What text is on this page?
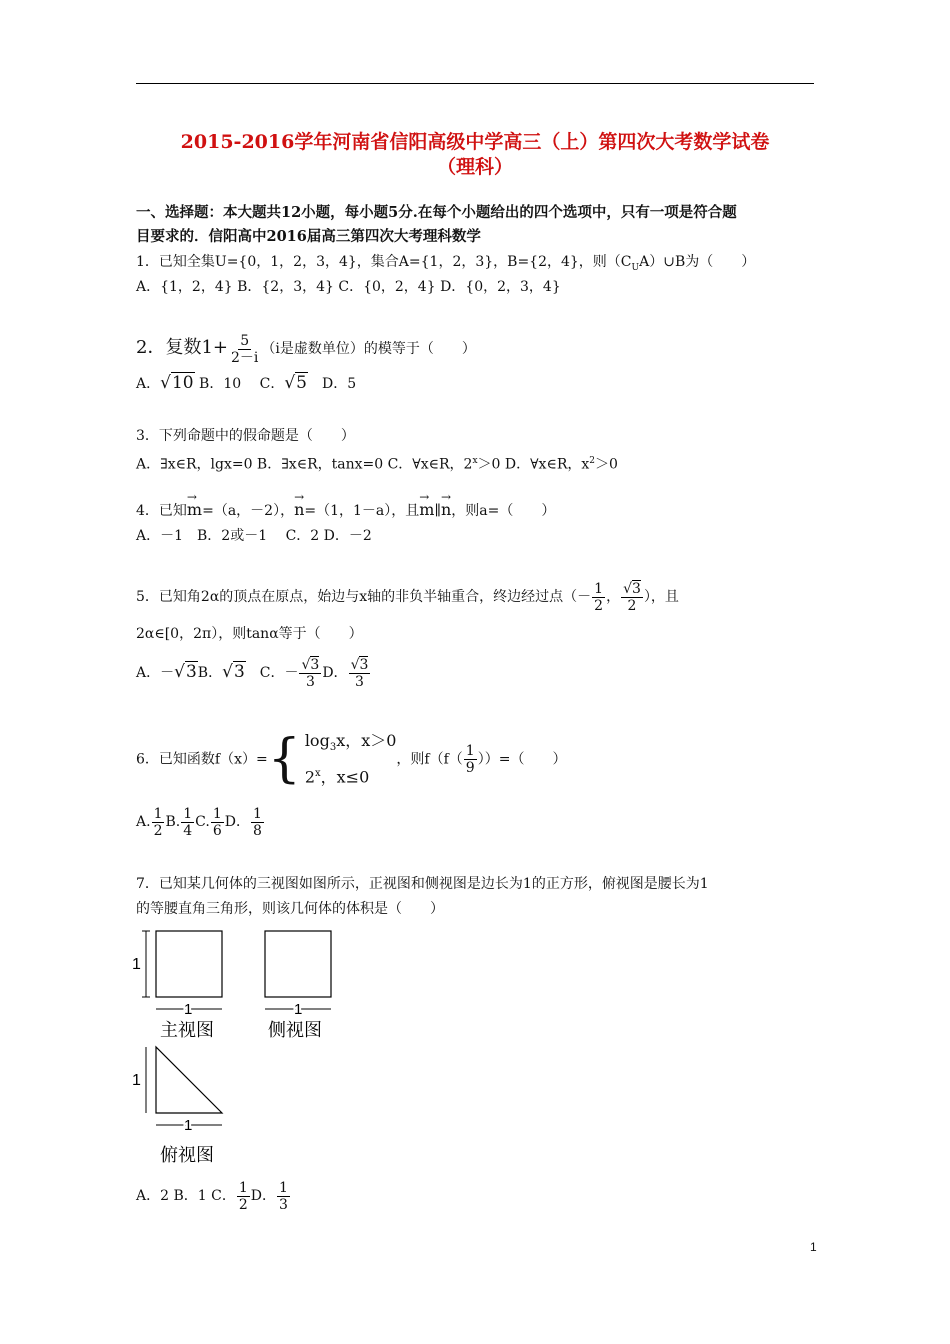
2015-2016学年河南省信阳高级中学高三（上）第四次大考数学试卷
（理科）
一、选择题：本大题共12小题，每小题5分.在每个小题给出的四个选项中，只有一项是符合题
目要求的．信阳高中2016届高三第四次大考理科数学
1．已知全集U={0，1，2，3，4}，集合A={1，2，3}，B={2，4}，则$(C_UA)\cup B$为（　　）
A．{1，2，4} B．{2，3，4} C．{0，2，4} D．{0，2，3，4}
2．复数$1+ \frac{5}{2-i} (i$是虚数单位）的模等于（　　）
A．√10 B．10　 C．√5　D．5
3．下列命题中的假命题是（　　）
A．∃x∈R，lgx=0 B．∃x∈R，tanx=0 C．∀x∈R，$2^x>0$ D．∀x∈R，$x^2>0$
4．已知→ m=（a，－2），→ n=（1，1－a），且→ m∥→ n，则a=（　　）
A．－1　B．2或－1　 C．2 D．－2
5．已知角2α的顶点在原点，始边与x轴的非负半轴重合，终边经过点（－ $\frac{1}{2}$ ， $\frac{√3}{2}$ ），且
2α∈[0，2π），则tanα等于（　　）
A．－√3B．√3　C．－ $\frac{√3}{3}$ D． $\frac{√3}{3}$
6．已知函数f（x）= { $\log_3x$，x＞0
2$^x$，x≤0
，则$f(f( \frac{1}{9}$ ））=（　　）
A. $\frac{1}{2} B$. $\frac{1}{4} C$. $\frac{1}{6}$ D． $\frac{1}{8}$
7．已知某几何体的三视图如图所示，正视图和侧视图是边长为1的正方形，俯视图是腰长为1
的等腰直角三角形，则该几何体的体积是（　　）
1
1
主视图
1
侧视图
1
1
俯视图
A．2 B．1 C． $\frac{1}{2}$ D． $\frac{1}{3}$
1
